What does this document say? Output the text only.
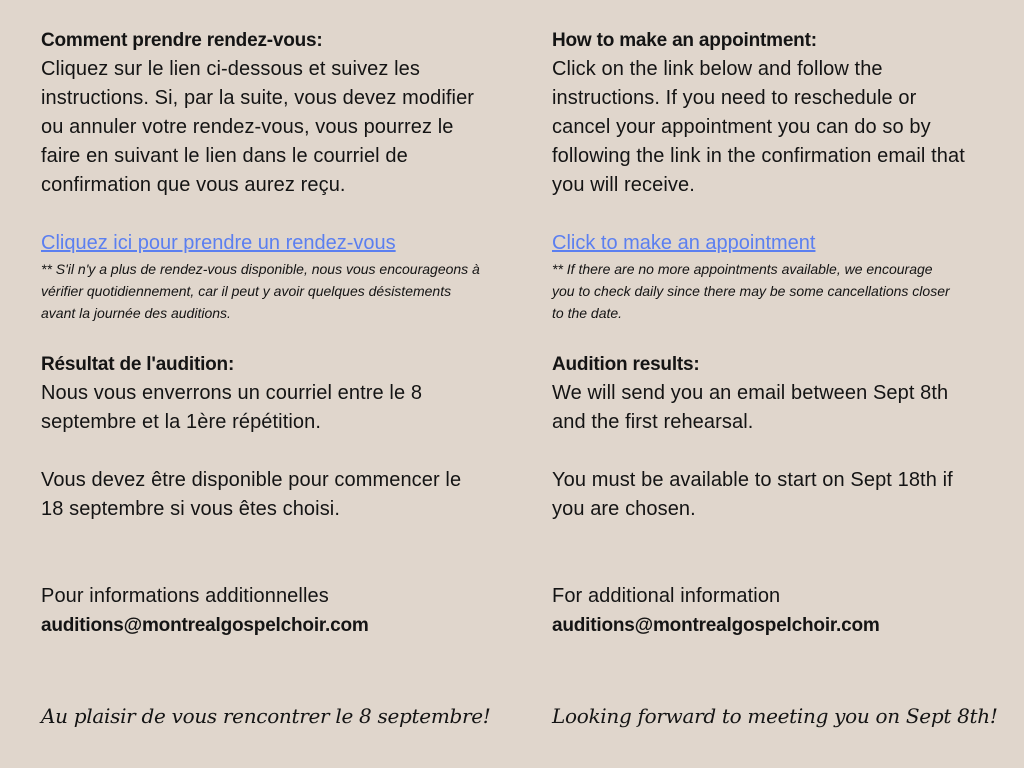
Comment prendre rendez-vous:

Cliquez sur le lien ci-dessous et suivez les instructions. Si, par la suite, vous devez modifier ou annuler votre rendez-vous, vous pourrez le faire en suivant le lien dans le courriel de confirmation que vous aurez reçu.

Cliquez ici pour prendre un rendez-vous

** S'il n'y a plus de rendez-vous disponible, nous vous encourageons à vérifier quotidiennement, car il peut y avoir quelques désistements avant la journée des auditions.

Résultat de l'audition:

Nous vous enverrons un courriel entre le 8 septembre et la 1ère répétition.

Vous devez être disponible pour commencer le 18 septembre si vous êtes choisi.

Pour informations additionnelles

auditions@montrealgospelchoir.com

How to make an appointment:

Click on the link below and follow the instructions. If you need to reschedule or cancel your appointment you can do so by following the link in the confirmation email that you will receive.

Click to make an appointment

** If there are no more appointments available, we encourage you to check daily since there may be some cancellations closer to the date.

Audition results:

We will send you an email between Sept 8th and the first rehearsal.

You must be available to start on Sept 18th if you are chosen.

For additional information

auditions@montrealgospelchoir.com

Au plaisir de vous rencontrer le 8 septembre!	Looking forward to meeting you on Sept 8th!
